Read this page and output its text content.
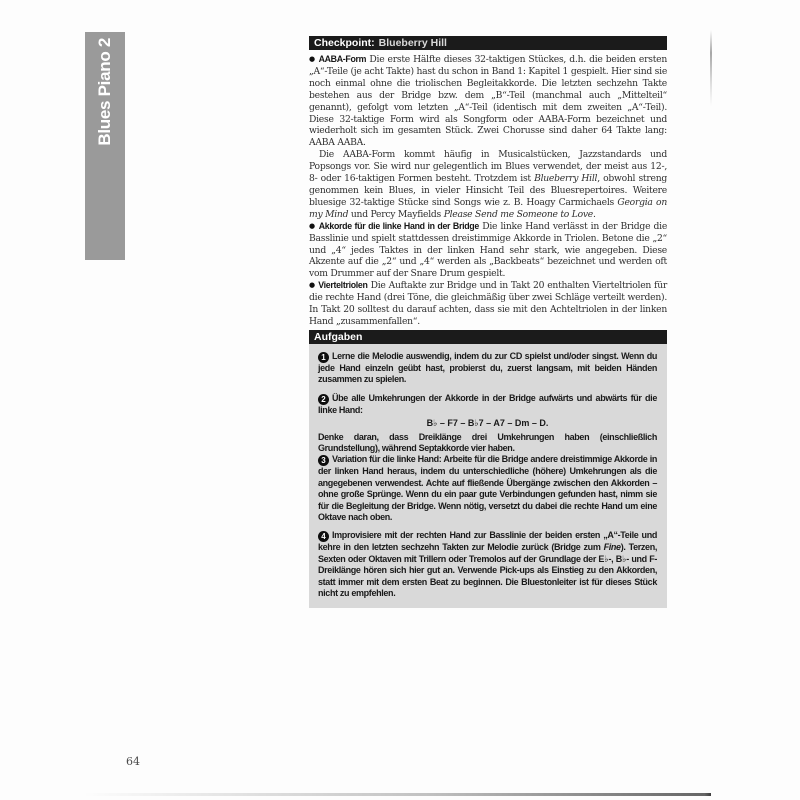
Blues Piano 2	Checkpoint: Blueberry Hill

● AABA-Form Die erste Hälfte dieses 32-taktigen Stückes, d.h. die beiden ersten „A“-Teile (je acht Takte) hast du schon in Band 1: Kapitel 1 gespielt. Hier sind sie noch einmal ohne die triolischen Begleitakkorde. Die letzten sechzehn Takte bestehen aus der Bridge bzw. dem „B“-Teil (manchmal auch „Mittelteil“ genannt), gefolgt vom letzten „A“-Teil (identisch mit dem zweiten „A“-Teil). Diese 32-taktige Form wird als Songform oder AABA-Form bezeichnet und wiederholt sich im gesamten Stück. Zwei Chorusse sind daher 64 Takte lang: AABA AABA.

Die AABA-Form kommt häufig in Musicalstücken, Jazzstandards und Popsongs vor. Sie wird nur gelegentlich im Blues verwendet, der meist aus 12-, 8- oder 16-taktigen Formen besteht. Trotzdem ist Blueberry Hill, obwohl streng genommen kein Blues, in vieler Hinsicht Teil des Bluesrepertoires. Weitere bluesige 32-taktige Stücke sind Songs wie z. B. Hoagy Carmichaels Georgia on my Mind und Percy Mayfields Please Send me Someone to Love.

● Akkorde für die linke Hand in der Bridge Die linke Hand verlässt in der Bridge die Basslinie und spielt stattdessen dreistimmige Akkorde in Triolen. Betone die „2“ und „4“ jedes Taktes in der linken Hand sehr stark, wie angegeben. Diese Akzente auf die „2“ und „4“ werden als „Backbeats“ bezeichnet und werden oft vom Drummer auf der Snare Drum gespielt.

● Vierteltriolen Die Auftakte zur Bridge und in Takt 20 enthalten Vierteltriolen für die rechte Hand (drei Töne, die gleichmäßig über zwei Schläge verteilt werden). In Takt 20 solltest du darauf achten, dass sie mit den Achteltriolen in der linken Hand „zusammenfallen“.

Aufgaben

1 Lerne die Melodie auswendig, indem du zur CD spielst und/oder singst. Wenn du jede Hand einzeln geübt hast, probierst du, zuerst langsam, mit beiden Händen zusammen zu spielen.

2 Übe alle Umkehrungen der Akkorde in der Bridge aufwärts und abwärts für die linke Hand:

B♭ – F7 – B♭7 – A7 – Dm – D.

Denke daran, dass Dreiklänge drei Umkehrungen haben (einschließlich Grundstellung), während Septakkorde vier haben.

3 Variation für die linke Hand: Arbeite für die Bridge andere dreistimmige Akkorde in der linken Hand heraus, indem du unterschiedliche (höhere) Umkehrungen als die angegebenen verwendest. Achte auf fließende Übergänge zwischen den Akkorden – ohne große Sprünge. Wenn du ein paar gute Verbindungen gefunden hast, nimm sie für die Begleitung der Bridge. Wenn nötig, versetzt du dabei die rechte Hand um eine Oktave nach oben.

4 Improvisiere mit der rechten Hand zur Basslinie der beiden ersten „A“-Teile und kehre in den letzten sechzehn Takten zur Melodie zurück (Bridge zum Fine). Terzen, Sexten oder Oktaven mit Trillern oder Tremolos auf der Grundlage der E♭-, B♭- und F-Dreiklänge hören sich hier gut an. Verwende Pick-ups als Einstieg zu den Akkorden, statt immer mit dem ersten Beat zu beginnen. Die Bluestonleiter ist für dieses Stück nicht zu empfehlen.

64
